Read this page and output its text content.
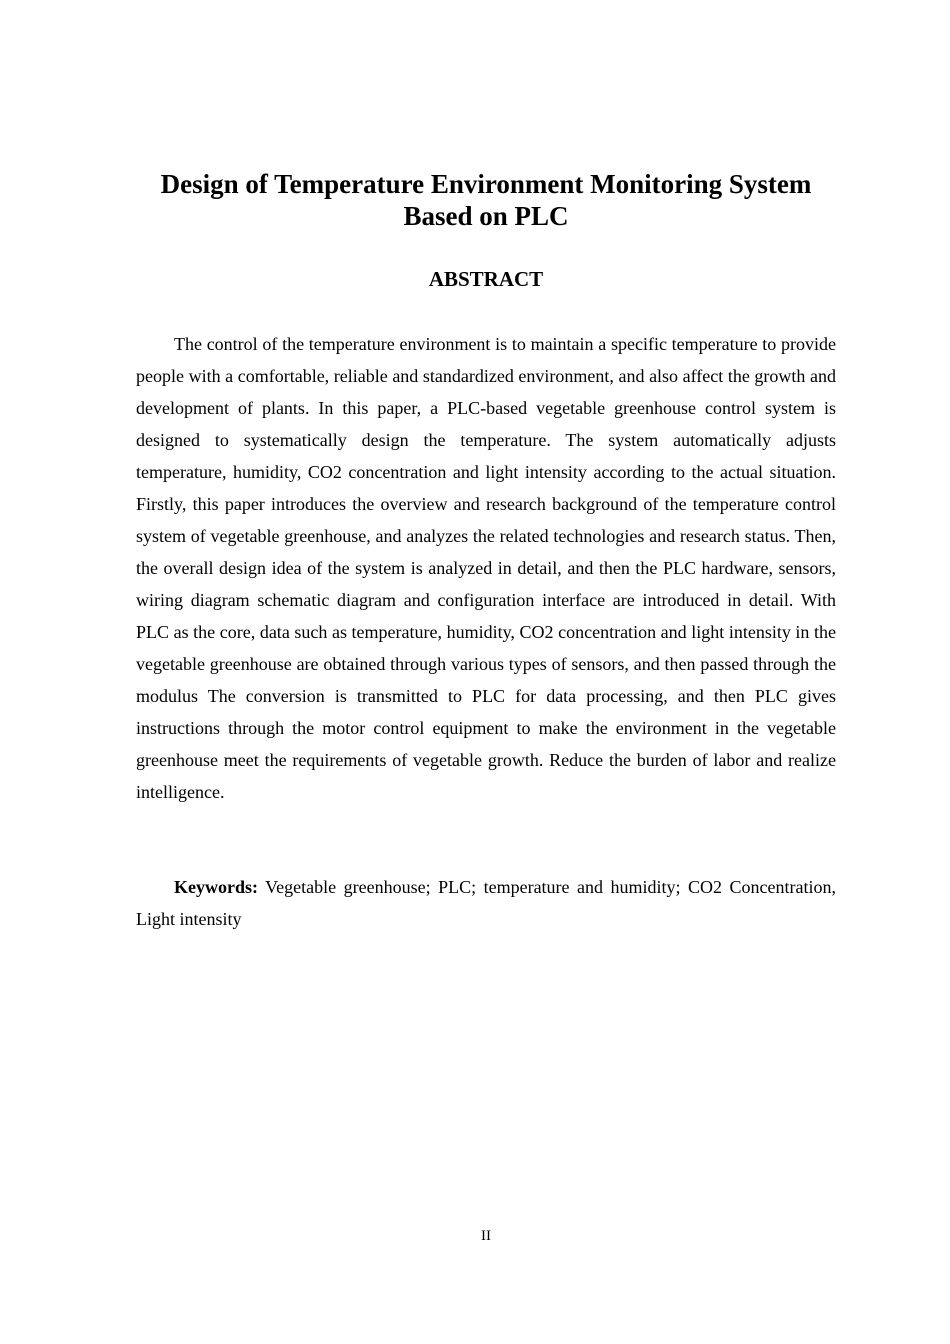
Design of Temperature Environment Monitoring System
Based on PLC
ABSTRACT

The control of the temperature environment is to maintain a specific temperature to provide people with a comfortable, reliable and standardized environment, and also affect the growth and development of plants. In this paper, a PLC-based vegetable greenhouse control system is designed to systematically design the temperature. The system automatically adjusts temperature, humidity, CO2 concentration and light intensity according to the actual situation. Firstly, this paper introduces the overview and research background of the temperature control system of vegetable greenhouse, and analyzes the related technologies and research status. Then, the overall design idea of the system is analyzed in detail, and then the PLC hardware, sensors, wiring diagram schematic diagram and configuration interface are introduced in detail. With PLC as the core, data such as temperature, humidity, CO2 concentration and light intensity in the vegetable greenhouse are obtained through various types of sensors, and then passed through the modulus The conversion is transmitted to PLC for data processing, and then PLC gives instructions through the motor control equipment to make the environment in the vegetable greenhouse meet the requirements of vegetable growth. Reduce the burden of labor and realize intelligence.

Keywords: Vegetable greenhouse; PLC; temperature and humidity; CO2 Concentration, Light intensity

II
